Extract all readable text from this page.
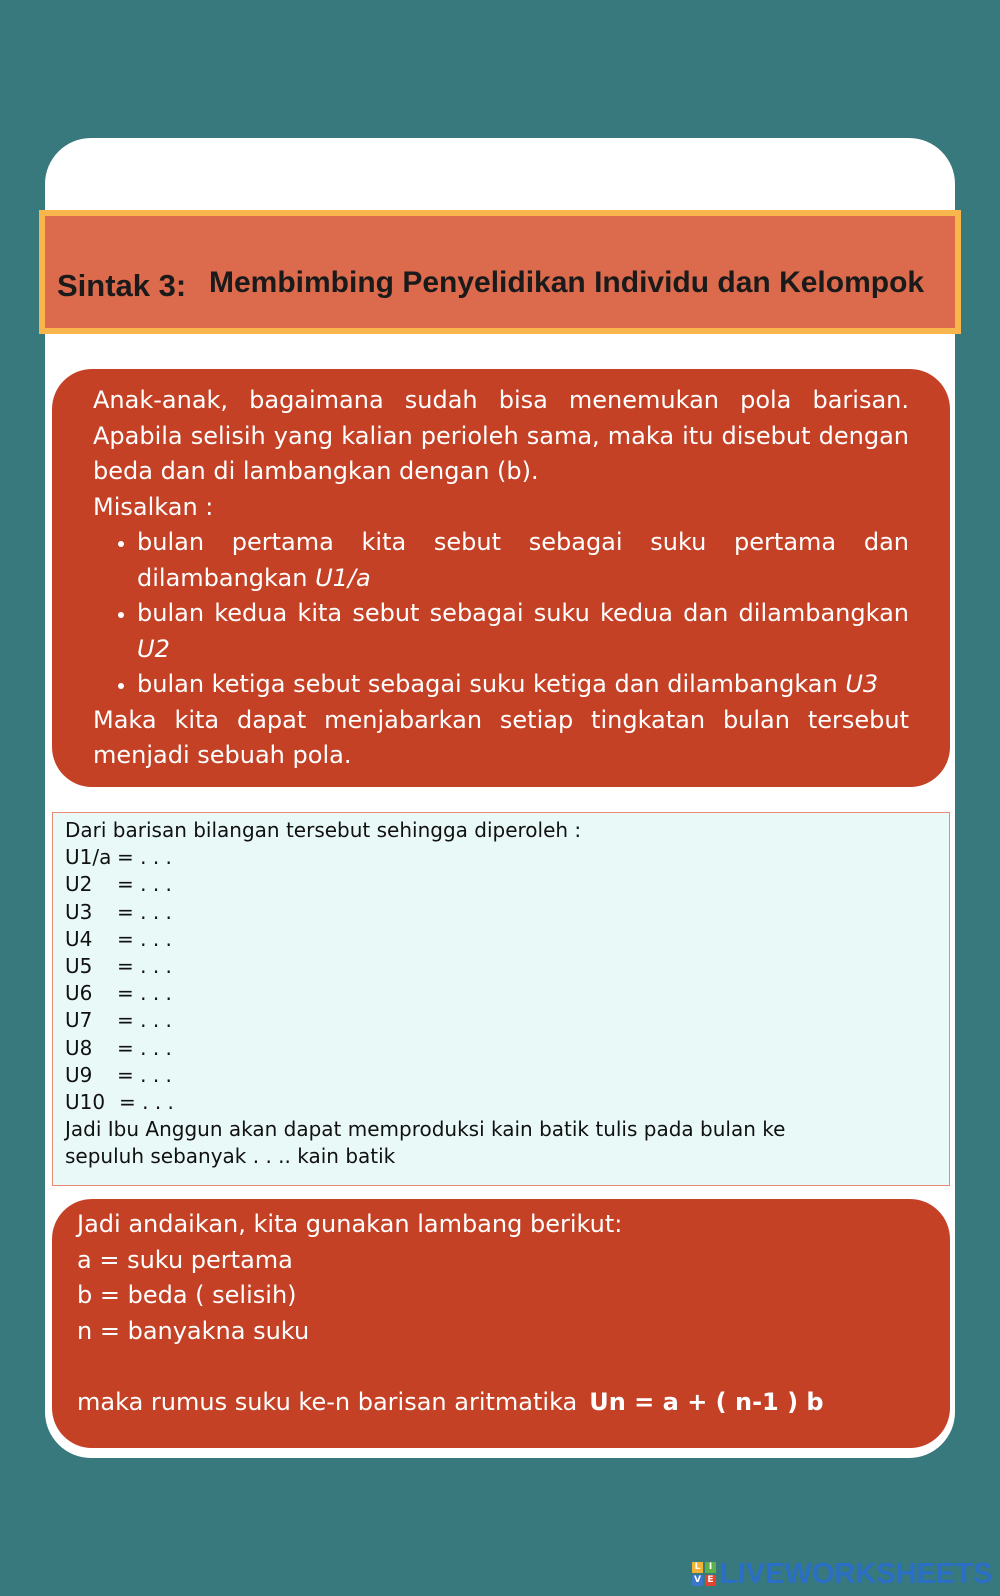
Sintak 3: Membimbing Penyelidikan Individu dan Kelompok

Anak-anak, bagaimana sudah bisa menemukan pola barisan. Apabila selisih yang kalian perioleh sama, maka itu disebut dengan beda dan di lambangkan dengan (b).

Misalkan :

• bulan pertama kita sebut sebagai suku pertama dan dilambangkan U1/a
• bulan kedua kita sebut sebagai suku kedua dan dilambangkan U2
• bulan ketiga sebut sebagai suku ketiga dan dilambangkan U3

Maka kita dapat menjabarkan setiap tingkatan bulan tersebut menjadi sebuah pola.

Dari barisan bilangan tersebut sehingga diperoleh :
U1/a = . . .
U2 = . . .
U3 = . . .
U4 = . . .
U5 = . . .
U6 = . . .
U7 = . . .
U8 = . . .
U9 = . . .
U10 = . . .
Jadi Ibu Anggun akan dapat memproduksi kain batik tulis pada bulan ke
sepuluh sebanyak . . .. kain batik
Jadi andaikan, kita gunakan lambang berikut:
a = suku pertama
b = beda ( selisih)
n = banyakna suku
maka rumus suku ke-n barisan aritmatika Un = a + ( n-1 ) b
L I
V E LIVEWORKSHEETS
